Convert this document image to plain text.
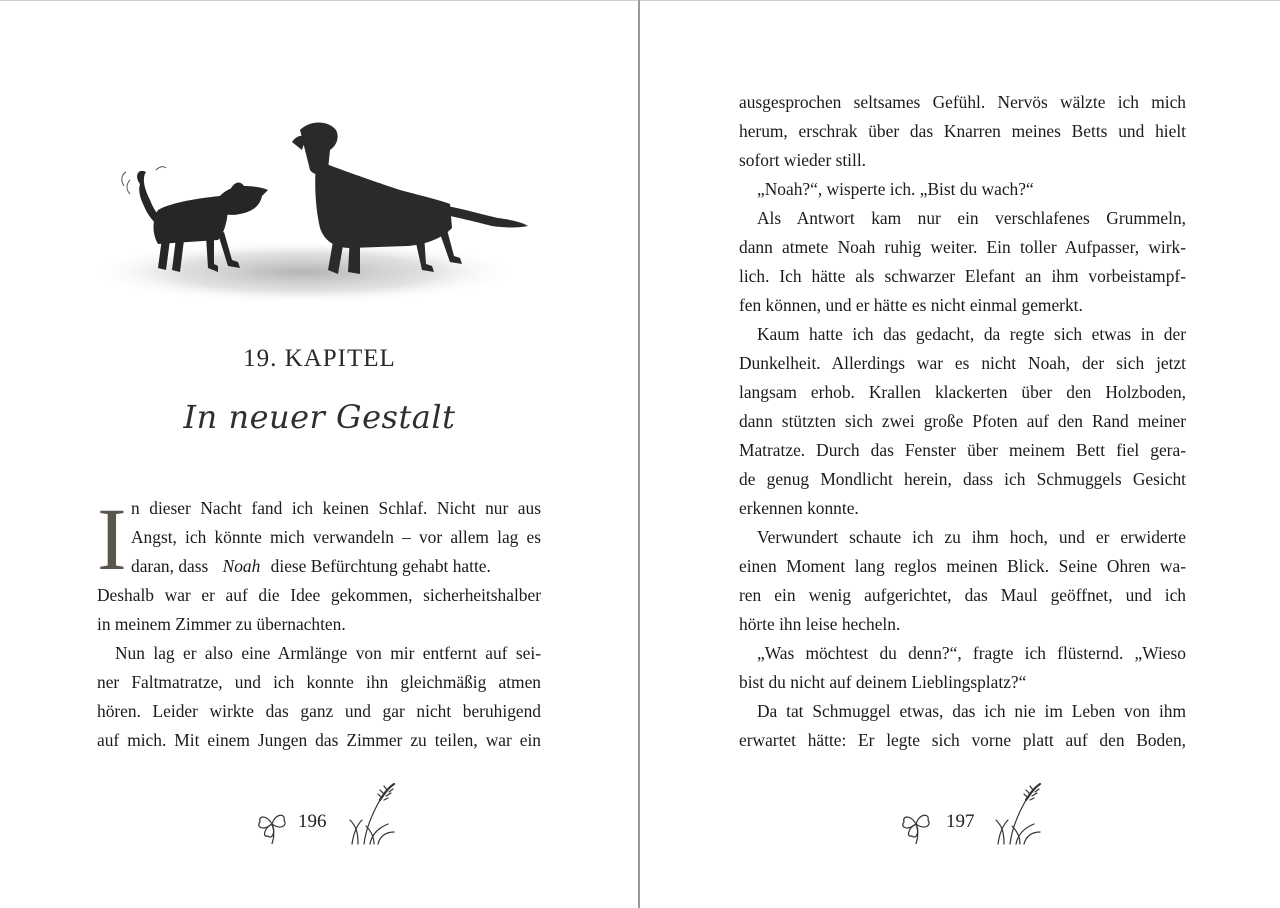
19. KAPITEL
In neuer Gestalt
I n dieser Nacht fand ich keinen Schlaf. Nicht nur aus
Angst, ich könnte mich verwandeln – vor allem lag es
daran, dass Noah diese Befürchtung gehabt hatte.
Deshalb war er auf die Idee gekommen, sicherheitshalber
in meinem Zimmer zu übernachten.
Nun lag er also eine Armlänge von mir entfernt auf sei-
ner Faltmatratze, und ich konnte ihn gleichmäßig atmen
hören. Leider wirkte das ganz und gar nicht beruhigend
auf mich. Mit einem Jungen das Zimmer zu teilen, war ein
196
ausgesprochen seltsames Gefühl. Nervös wälzte ich mich
herum, erschrak über das Knarren meines Betts und hielt
sofort wieder still.
„Noah?“, wisperte ich. „Bist du wach?“
Als Antwort kam nur ein verschlafenes Grummeln,
dann atmete Noah ruhig weiter. Ein toller Aufpasser, wirk-
lich. Ich hätte als schwarzer Elefant an ihm vorbeistampf-
fen können, und er hätte es nicht einmal gemerkt.
Kaum hatte ich das gedacht, da regte sich etwas in der
Dunkelheit. Allerdings war es nicht Noah, der sich jetzt
langsam erhob. Krallen klackerten über den Holzboden,
dann stützten sich zwei große Pfoten auf den Rand meiner
Matratze. Durch das Fenster über meinem Bett fiel gera-
de genug Mondlicht herein, dass ich Schmuggels Gesicht
erkennen konnte.
Verwundert schaute ich zu ihm hoch, und er erwiderte
einen Moment lang reglos meinen Blick. Seine Ohren wa-
ren ein wenig aufgerichtet, das Maul geöffnet, und ich
hörte ihn leise hecheln.
„Was möchtest du denn?“, fragte ich flüsternd. „Wieso
bist du nicht auf deinem Lieblingsplatz?“
Da tat Schmuggel etwas, das ich nie im Leben von ihm
erwartet hätte: Er legte sich vorne platt auf den Boden,
197
